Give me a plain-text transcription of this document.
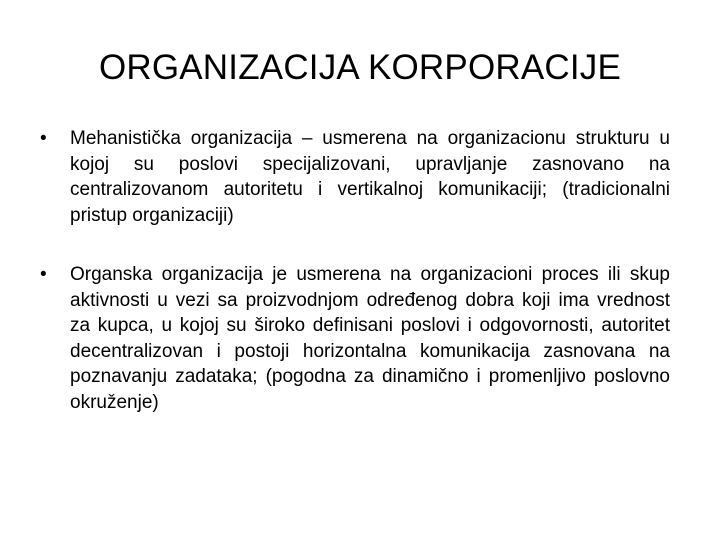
ORGANIZACIJA KORPORACIJE
• Mehanistička organizacija – usmerena na organizacionu strukturu u kojoj su poslovi specijalizovani, upravljanje zasnovano na centralizovanom autoritetu i vertikalnoj komunikaciji; (tradicionalni pristup organizaciji)
• Organska organizacija je usmerena na organizacioni proces ili skup aktivnosti u vezi sa proizvodnjom određenog dobra koji ima vrednost za kupca, u kojoj su široko definisani poslovi i odgovornosti, autoritet decentralizovan i postoji horizontalna komunikacija zasnovana na poznavanju zadataka; (pogodna za dinamično i promenljivo poslovno okruženje)
